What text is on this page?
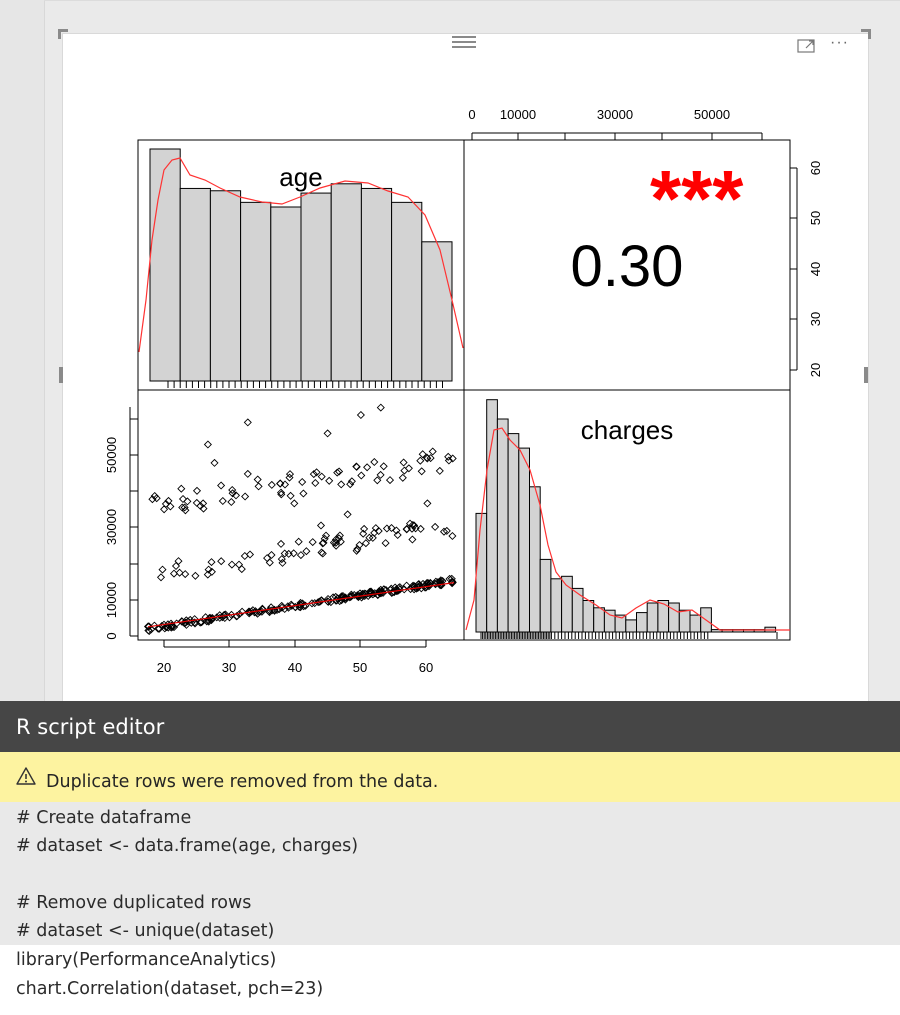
···
age
0.30
***
charges
0 10000	30000	50000
20
30
40
50
60
20	30	40	50	60
0
10000
30000
50000
R script editor
Duplicate rows were removed from the data.
# Create dataframe
# dataset <- data.frame(age, charges)
# Remove duplicated rows
# dataset <- unique(dataset)
library(PerformanceAnalytics)
chart.Correlation(dataset, pch=23)
